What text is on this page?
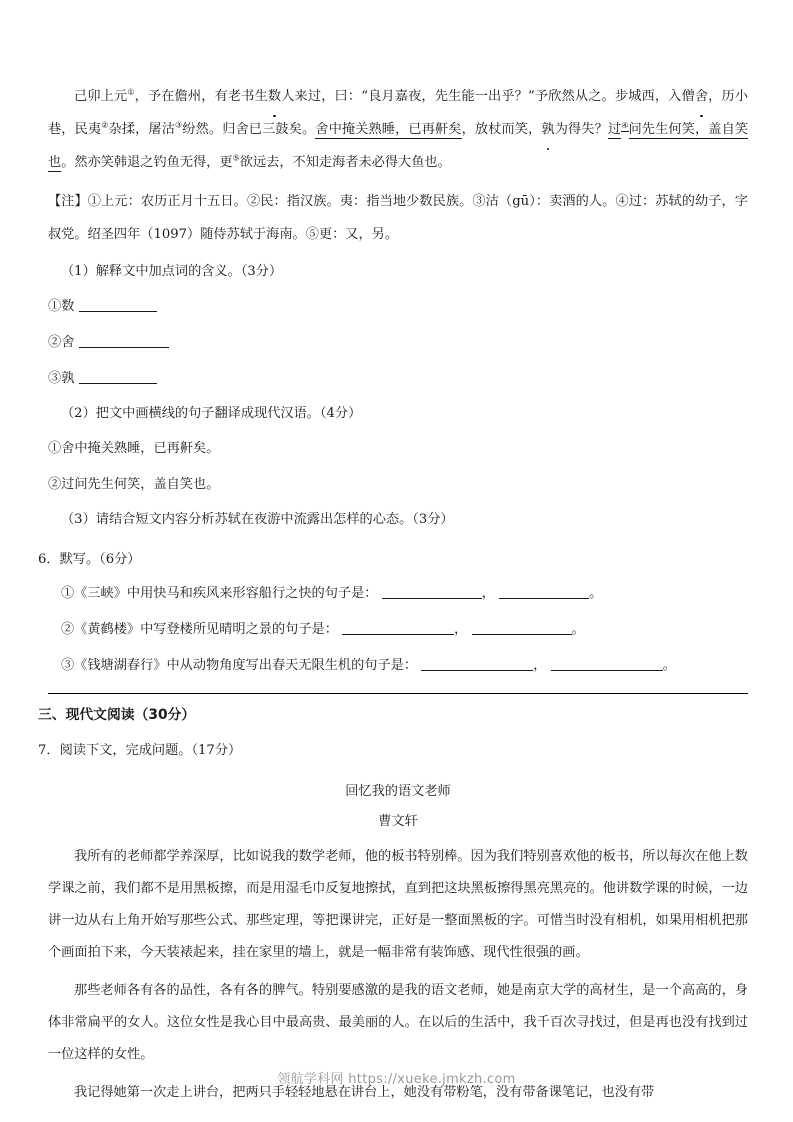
己卯上元①，予在儋州，有老书生数人来过，曰：“良月嘉夜，先生能一出乎？”予欣然从之。步城西，入僧舍，历小巷，民夷②杂揉，屠沽③纷然。归舍已三鼓矣。舍中掩关熟睡，已再鼾矣，放杖而笑，孰为得失？过④问先生何笑，盖自笑也。然亦笑韩退之钓鱼无得，更⑤欲远去，不知走海者未必得大鱼也。
【注】①上元：农历正月十五日。②民：指汉族。夷：指当地少数民族。③沽（gū）：卖酒的人。④过：苏轼的幼子，字叔党。绍圣四年（1097）随侍苏轼于海南。⑤更：又，另。
（1）解释文中加点词的含义。（3分）
①数
②舍
③孰
（2）把文中画横线的句子翻译成现代汉语。（4分）
①舍中掩关熟睡，已再鼾矣。
②过问先生何笑，盖自笑也。
（3）请结合短文内容分析苏轼在夜游中流露出怎样的心态。（3分）
6．默写。（6分）
①《三峡》中用快马和疾风来形容船行之快的句子是：	，	。
②《黄鹤楼》中写登楼所见晴明之景的句子是：	，	。
③《钱塘湖春行》中从动物角度写出春天无限生机的句子是：	，	。
三、现代文阅读（30分）
7．阅读下文，完成问题。（17分）
回忆我的语文老师
曹文轩
我所有的老师都学养深厚，比如说我的数学老师，他的板书特别棒。因为我们特别喜欢他的板书，所以每次在他上数学课之前，我们都不是用黑板擦，而是用湿毛巾反复地擦拭，直到把这块黑板擦得黑亮黑亮的。他讲数学课的时候，一边讲一边从右上角开始写那些公式、那些定理，等把课讲完，正好是一整面黑板的字。可惜当时没有相机，如果用相机把那个画面拍下来，今天装裱起来，挂在家里的墙上，就是一幅非常有装饰感、现代性很强的画。
那些老师各有各的品性，各有各的脾气。特别要感激的是我的语文老师，她是南京大学的高材生，是一个高高的，身体非常扁平的女人。这位女性是我心目中最高贵、最美丽的人。在以后的生活中，我千百次寻找过，但是再也没有找到过一位这样的女性。
我记得她第一次走上讲台，把两只手轻轻地悬在讲台上，她没有带粉笔，没有带备课笔记，也没有带
领航学科网 https://xueke.jmkzh.com
